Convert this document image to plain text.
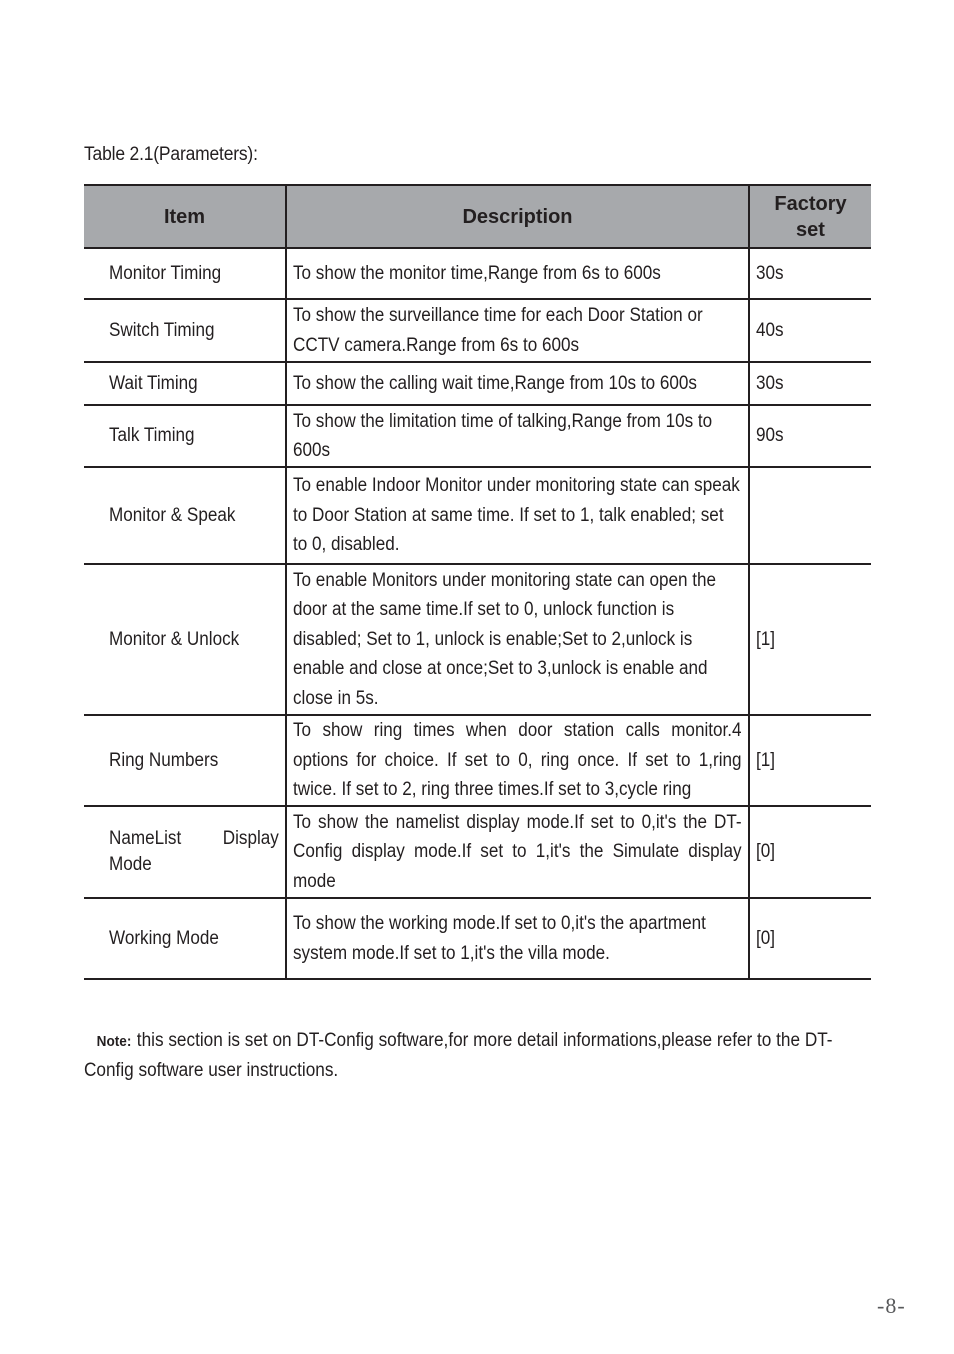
Table 2.1(Parameters):
Item	Description	Factory
set

Monitor Timing	To show the monitor time,Range from 6s to 600s	30s

Switch Timing	To show the surveillance time for each Door Station or CCTV camera.Range from 6s to 600s	40s

Wait Timing	To show the calling wait time,Range from 10s to 600s	30s

Talk Timing	To show the limitation time of talking,Range from 10s to 600s	90s

Monitor & Speak	To enable Indoor Monitor under monitoring state can speak to Door Station at same time. If set to 1, talk enabled; set to 0, disabled.	

Monitor & Unlock	To enable Monitors under monitoring state can open the door at the same time.If set to 0, unlock function is disabled; Set to 1, unlock is enable;Set to 2,unlock is enable and close at once;Set to 3,unlock is enable and close in 5s.	[1]

Ring Numbers	To show ring times when door station calls monitor.4 options for choice. If set to 0, ring once. If set to 1,ring twice. If set to 2, ring three times.If set to 3,cycle ring	[1]

NameList Display Mode	To show the namelist display mode.If set to 0,it's the DT-Config display mode.If set to 1,it's the Simulate display mode	[0]

Working Mode	To show the working mode.If set to 0,it's the apartment system mode.If set to 1,it's the villa mode.	[0]
Note: this section is set on DT-Config software,for more detail informations,please refer to the DT-Config software user instructions.
-8-
